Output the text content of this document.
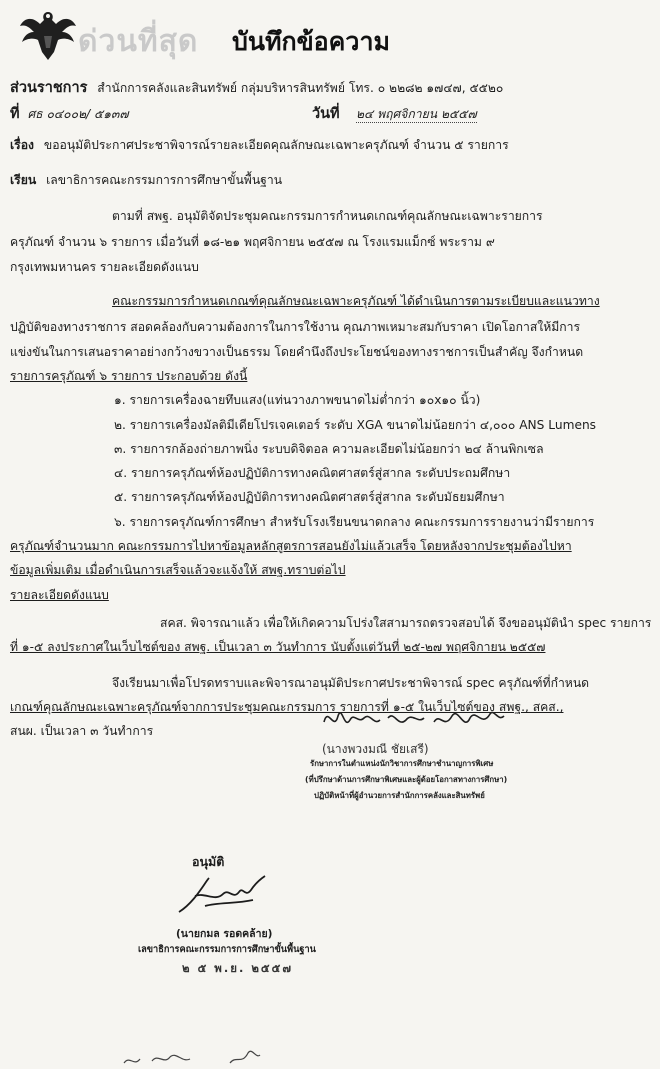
ด่วนที่สุด บันทึกข้อความ
ส่วนราชการ สำนักการคลังและสินทรัพย์ กลุ่มบริหารสินทรัพย์ โทร. ๐ ๒๒๘๒ ๑๗๔๗, ๕๕๒๐
ที่ ศธ ๐๔๐๐๒/ ๕๑๓๗	วันที่ ๒๔ พฤศจิกายน ๒๕๕๗
เรื่อง ขออนุมัติประกาศประชาพิจารณ์รายละเอียดคุณลักษณะเฉพาะครุภัณฑ์ จำนวน ๕ รายการ
เรียน เลขาธิการคณะกรรมการการศึกษาขั้นพื้นฐาน
ตามที่ สพฐ. อนุมัติจัดประชุมคณะกรรมการกำหนดเกณฑ์คุณลักษณะเฉพาะรายการ
ครุภัณฑ์ จำนวน ๖ รายการ เมื่อวันที่ ๑๘-๒๑ พฤศจิกายน ๒๕๕๗ ณ โรงแรมแม็กซ์ พระราม ๙
กรุงเทพมหานคร รายละเอียดดังแนบ
คณะกรรมการกำหนดเกณฑ์คุณลักษณะเฉพาะครุภัณฑ์ ได้ดำเนินการตามระเบียบและแนวทาง
ปฏิบัติของทางราชการ สอดคล้องกับความต้องการในการใช้งาน คุณภาพเหมาะสมกับราคา เปิดโอกาสให้มีการ
แข่งขันในการเสนอราคาอย่างกว้างขวางเป็นธรรม โดยคำนึงถึงประโยชน์ของทางราชการเป็นสำคัญ จึงกำหนด
รายการครุภัณฑ์ ๖ รายการ ประกอบด้วย ดังนี้
๑. รายการเครื่องฉายทึบแสง(แท่นวางภาพขนาดไม่ต่ำกว่า ๑๐x๑๐ นิ้ว)
๒. รายการเครื่องมัลติมีเดียโปรเจคเตอร์ ระดับ XGA ขนาดไม่น้อยกว่า ๔,๐๐๐ ANS Lumens
๓. รายการกล้องถ่ายภาพนิ่ง ระบบดิจิตอล ความละเอียดไม่น้อยกว่า ๒๔ ล้านพิกเซล
๔. รายการครุภัณฑ์ห้องปฏิบัติการทางคณิตศาสตร์สู่สากล ระดับประถมศึกษา
๕. รายการครุภัณฑ์ห้องปฏิบัติการทางคณิตศาสตร์สู่สากล ระดับมัธยมศึกษา
๖. รายการครุภัณฑ์การศึกษา สำหรับโรงเรียนขนาดกลาง คณะกรรมการรายงานว่ามีรายการ
ครุภัณฑ์จำนวนมาก คณะกรรมการไปหาข้อมูลหลักสูตรการสอนยังไม่แล้วเสร็จ โดยหลังจากประชุมต้องไปหา
ข้อมูลเพิ่มเติม เมื่อดำเนินการเสร็จแล้วจะแจ้งให้ สพฐ.ทราบต่อไป
รายละเอียดดังแนบ
สคส. พิจารณาแล้ว เพื่อให้เกิดความโปร่งใสสามารถตรวจสอบได้ จึงขออนุมัตินำ spec รายการ
ที่ ๑-๕ ลงประกาศในเว็บไซต์ของ สพฐ. เป็นเวลา ๓ วันทำการ นับตั้งแต่วันที่ ๒๕-๒๗ พฤศจิกายน ๒๕๕๗
จึงเรียนมาเพื่อโปรดทราบและพิจารณาอนุมัติประกาศประชาพิจารณ์ spec ครุภัณฑ์ที่กำหนด
เกณฑ์คุณลักษณะเฉพาะครุภัณฑ์จากการประชุมคณะกรรมการ รายการที่ ๑-๕ ในเว็บไซต์ของ สพฐ., สคส.,
สนผ. เป็นเวลา ๓ วันทำการ
(นางพวงมณี ชัยเสรี)
รักษาการในตำแหน่งนักวิชาการศึกษาชำนาญการพิเศษ
(ที่ปรึกษาด้านการศึกษาพิเศษและผู้ด้อยโอกาสทางการศึกษา)
ปฏิบัติหน้าที่ผู้อำนวยการสำนักการคลังและสินทรัพย์
อนุมัติ
(นายกมล รอดคล้าย)
เลขาธิการคณะกรรมการการศึกษาขั้นพื้นฐาน
๒ ๕ พ.ย. ๒๕๕๗
